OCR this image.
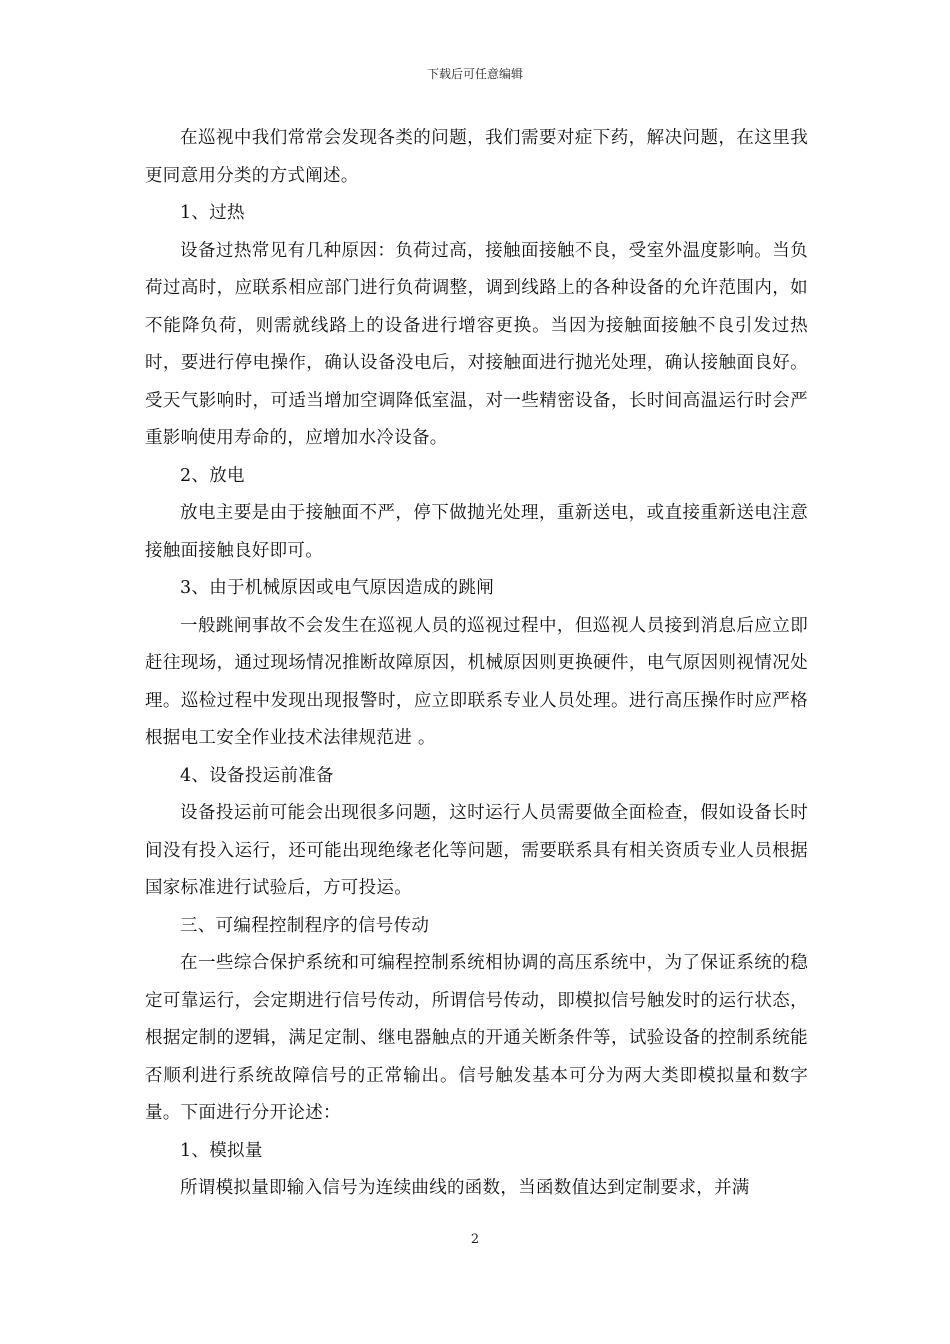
下载后可任意编辑

在巡视中我们常常会发现各类的问题，我们需要对症下药，解决问题，在这里我更同意用分类的方式阐述。

1、过热

设备过热常见有几种原因：负荷过高，接触面接触不良，受室外温度影响。当负荷过高时，应联系相应部门进行负荷调整，调到线路上的各种设备的允许范围内，如不能降负荷，则需就线路上的设备进行增容更换。当因为接触面接触不良引发过热时，要进行停电操作，确认设备没电后，对接触面进行抛光处理，确认接触面良好。受天气影响时，可适当增加空调降低室温，对一些精密设备，长时间高温运行时会严重影响使用寿命的，应增加水冷设备。

2、放电

放电主要是由于接触面不严，停下做抛光处理，重新送电，或直接重新送电注意接触面接触良好即可。

3、由于机械原因或电气原因造成的跳闸

一般跳闸事故不会发生在巡视人员的巡视过程中，但巡视人员接到消息后应立即赶往现场，通过现场情况推断故障原因，机械原因则更换硬件，电气原因则视情况处理。巡检过程中发现出现报警时，应立即联系专业人员处理。进行高压操作时应严格根据电工安全作业技术法律规范进 。

4、设备投运前准备

设备投运前可能会出现很多问题，这时运行人员需要做全面检查，假如设备长时间没有投入运行，还可能出现绝缘老化等问题，需要联系具有相关资质专业人员根据国家标准进行试验后，方可投运。

三、可编程控制程序的信号传动

在一些综合保护系统和可编程控制系统相协调的高压系统中，为了保证系统的稳定可靠运行，会定期进行信号传动，所谓信号传动，即模拟信号触发时的运行状态，根据定制的逻辑，满足定制、继电器触点的开通关断条件等，试验设备的控制系统能否顺利进行系统故障信号的正常输出。信号触发基本可分为两大类即模拟量和数字量。下面进行分开论述：

1、模拟量

所谓模拟量即输入信号为连续曲线的函数，当函数值达到定制要求，并满

2
